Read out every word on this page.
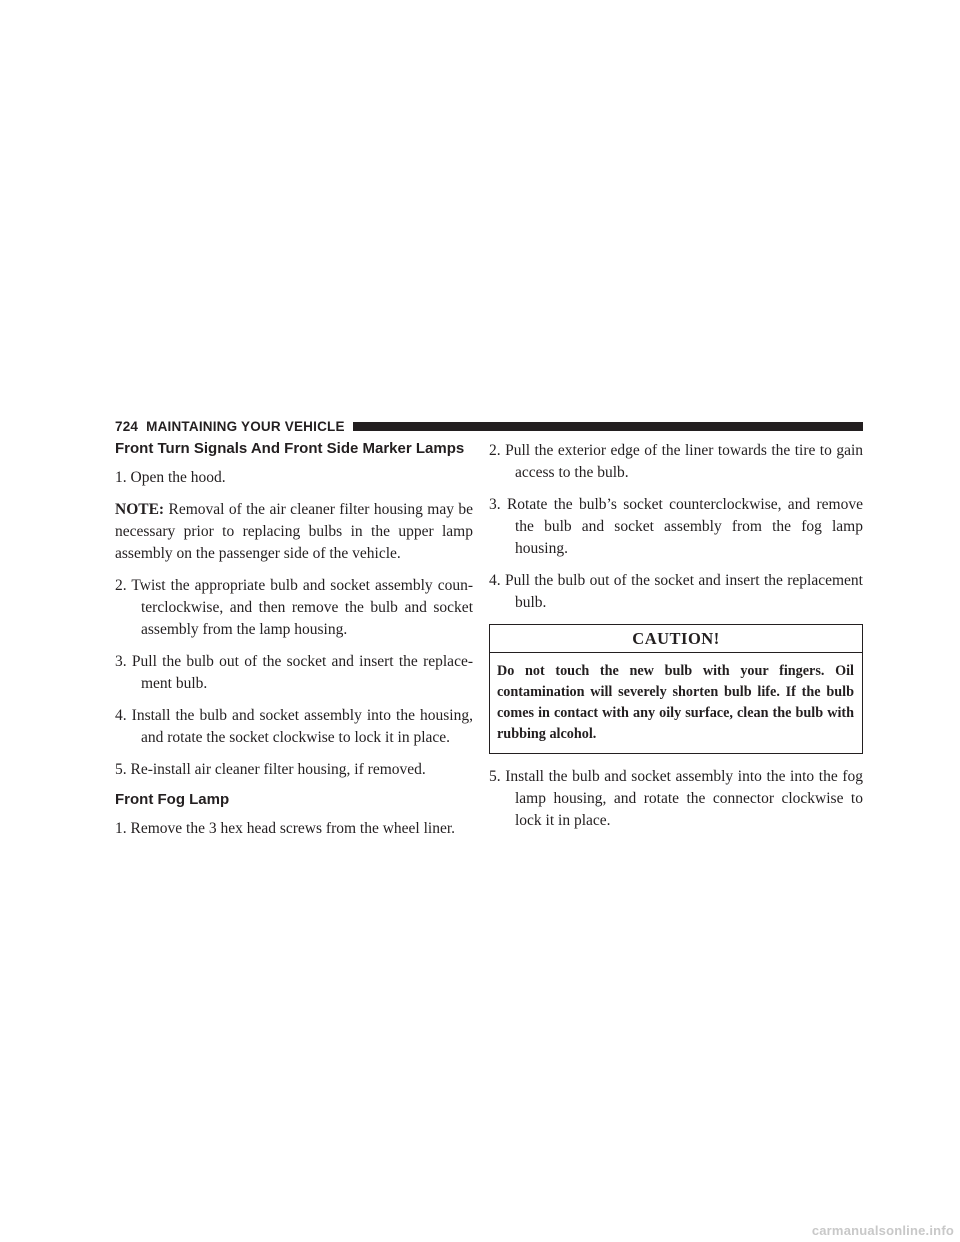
724 MAINTAINING YOUR VEHICLE
Front Turn Signals And Front Side Marker Lamps

1. Open the hood.

NOTE: Removal of the air cleaner filter housing may be necessary prior to replacing bulbs in the upper lamp assembly on the passenger side of the vehicle.

2. Twist the appropriate bulb and socket assembly counterclockwise, and then remove the bulb and socket assembly from the lamp housing.

3. Pull the bulb out of the socket and insert the replacement bulb.

4. Install the bulb and socket assembly into the housing, and rotate the socket clockwise to lock it in place.

5. Re-install air cleaner filter housing, if removed.

Front Fog Lamp

1. Remove the 3 hex head screws from the wheel liner.

2. Pull the exterior edge of the liner towards the tire to gain access to the bulb.

3. Rotate the bulb’s socket counterclockwise, and remove the bulb and socket assembly from the fog lamp housing.

4. Pull the bulb out of the socket and insert the replacement bulb.

CAUTION!
Do not touch the new bulb with your fingers. Oil contamination will severely shorten bulb life. If the bulb comes in contact with any oily surface, clean the bulb with rubbing alcohol.

5. Install the bulb and socket assembly into the into the fog lamp housing, and rotate the connector clockwise to lock it in place.

carmanualsonline.info
